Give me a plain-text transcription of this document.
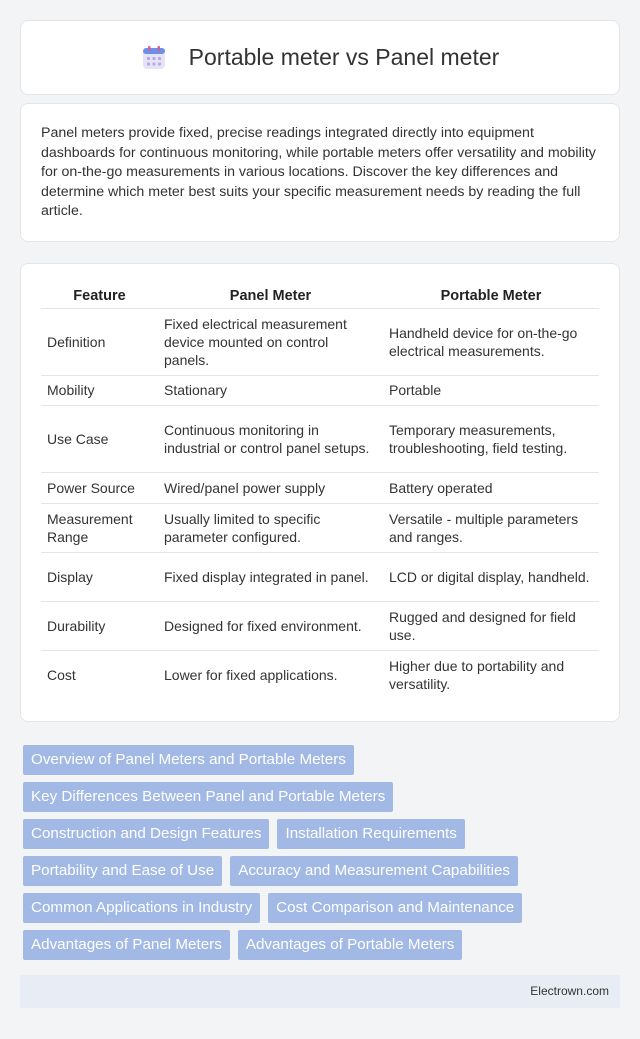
Portable meter vs Panel meter

Panel meters provide fixed, precise readings integrated directly into equipment dashboards for continuous monitoring, while portable meters offer versatility and mobility for on-the-go measurements in various locations. Discover the key differences and determine which meter best suits your specific measurement needs by reading the full article.

Feature	Panel Meter	Portable Meter
Definition	Fixed electrical measurement device mounted on control panels.	Handheld device for on-the-go electrical measurements.
Mobility	Stationary	Portable
Use Case	Continuous monitoring in industrial or control panel setups.	Temporary measurements, troubleshooting, field testing.
Power Source	Wired/panel power supply	Battery operated
Measurement Range	Usually limited to specific parameter configured.	Versatile - multiple parameters and ranges.
Display	Fixed display integrated in panel.	LCD or digital display, handheld.
Durability	Designed for fixed environment.	Rugged and designed for field use.
Cost	Lower for fixed applications.	Higher due to portability and versatility.
Overview of Panel Meters and Portable Meters
Key Differences Between Panel and Portable Meters
Construction and Design Features	Installation Requirements
Portability and Ease of Use	Accuracy and Measurement Capabilities
Common Applications in Industry	Cost Comparison and Maintenance
Advantages of Panel Meters	Advantages of Portable Meters
Electrown.com
